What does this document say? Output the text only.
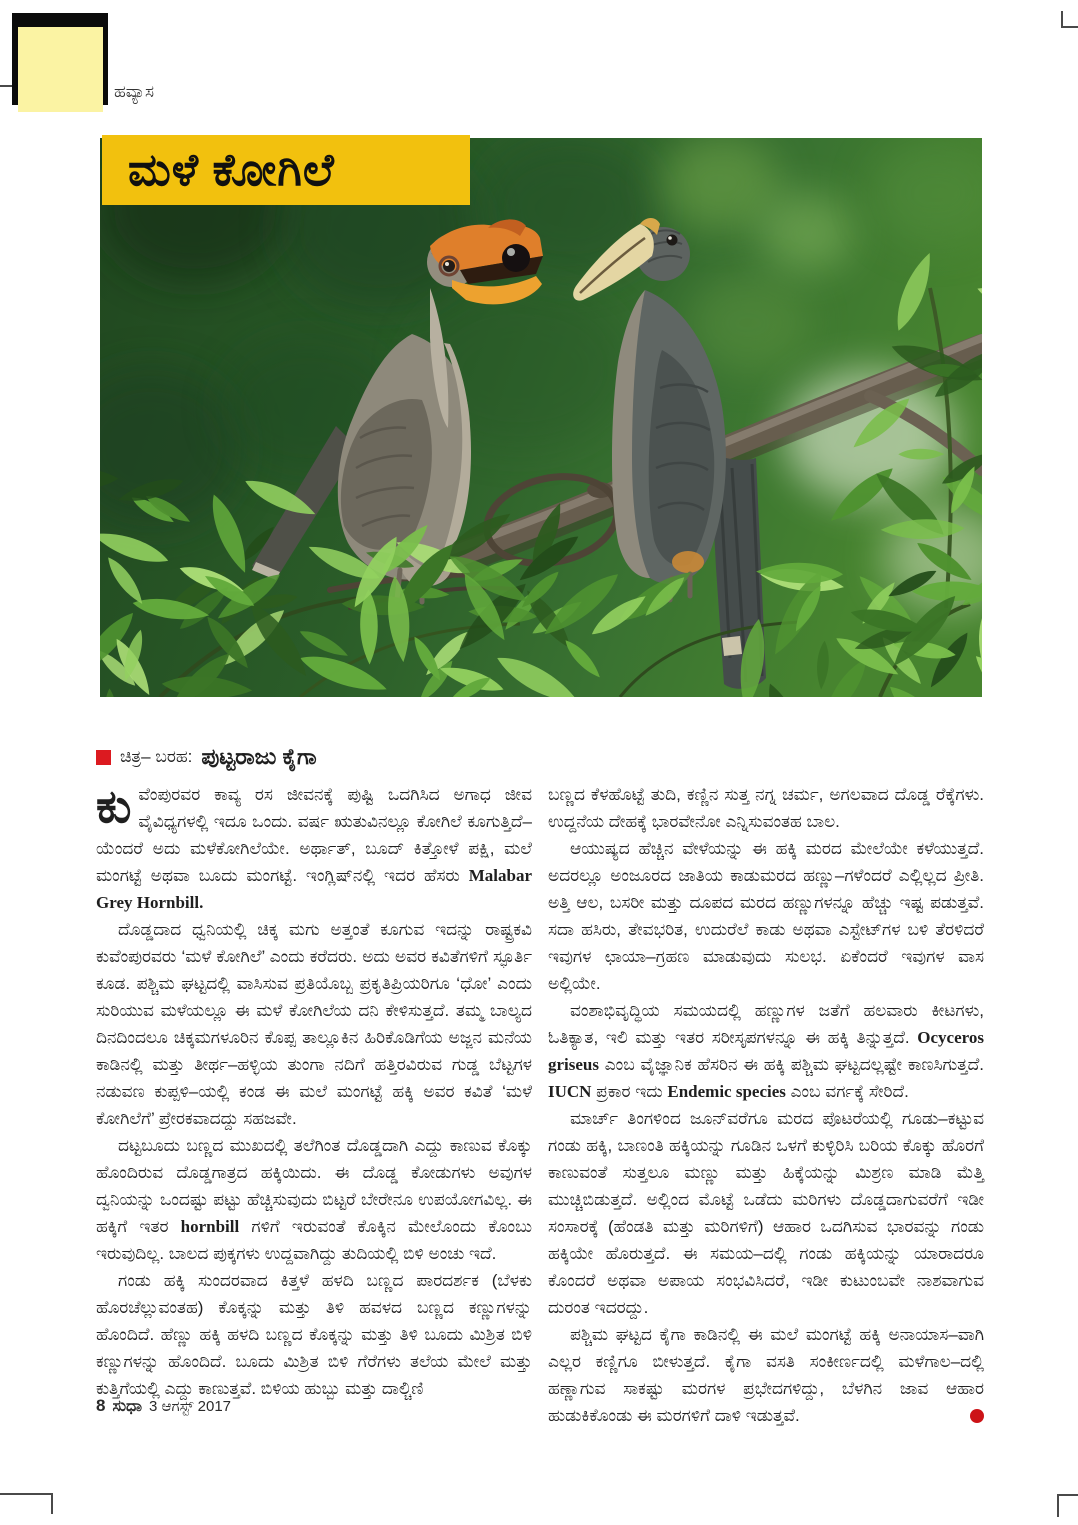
ಹವ್ಯಾಸ
ಮಳೆ ಕೋಗಿಲೆ
ಚಿತ್ರ– ಬರಹ: ಪುಟ್ಟರಾಜು ಕೈಗಾ

ಕುವೆಂಪುರವರ ಕಾವ್ಯ ರಸ ಜೀವನಕ್ಕೆ ಪುಷ್ಟಿ ಒದಗಿಸಿದ ಅಗಾಧ ಜೀವ ವೈವಿಧ್ಯಗಳಲ್ಲಿ ಇದೂ ಒಂದು. ವರ್ಷ ಋತುವಿನಲ್ಲೂ ಕೋಗಿಲೆ ಕೂಗುತ್ತಿದೆ–ಯೆಂದರೆ ಅದು ಮಳೆಕೋಗಿಲೆಯೇ. ಅರ್ಥಾತ್, ಬೂದ್ ಕಿತ್ತೋಳೆ ಪಕ್ಷಿ, ಮಲೆ ಮಂಗಟ್ಟೆ ಅಥವಾ ಬೂದು ಮಂಗಟ್ಟೆ. ಇಂಗ್ಲಿಷ್‌ನಲ್ಲಿ ಇದರ ಹೆಸರು Malabar Grey Hornbill.

ದೊಡ್ಡದಾದ ಧ್ವನಿಯಲ್ಲಿ ಚಿಕ್ಕ ಮಗು ಅತ್ತಂತೆ ಕೂಗುವ ಇದನ್ನು ರಾಷ್ಟ್ರಕವಿ ಕುವೆಂಪುರವರು ‘ಮಳೆ ಕೋಗಿಲೆ’ ಎಂದು ಕರೆದರು. ಅದು ಅವರ ಕವಿತೆಗಳಿಗೆ ಸ್ಫೂರ್ತಿ ಕೂಡ. ಪಶ್ಚಿಮ ಘಟ್ಟದಲ್ಲಿ ವಾಸಿಸುವ ಪ್ರತಿಯೊಬ್ಬ ಪ್ರಕೃತಿಪ್ರಿಯರಿಗೂ ‘ಧೋ’ ಎಂದು ಸುರಿಯುವ ಮಳೆಯಲ್ಲೂ ಈ ಮಳೆ ಕೋಗಿಲೆಯ ದನಿ ಕೇಳಿಸುತ್ತದೆ. ತಮ್ಮ ಬಾಲ್ಯದ ದಿನದಿಂದಲೂ ಚಿಕ್ಕಮಗಳೂರಿನ ಕೊಪ್ಪ ತಾಲ್ಲೂಕಿನ ಹಿರಿಕೊಡಿಗೆಯ ಅಜ್ಜನ ಮನೆಯ ಕಾಡಿನಲ್ಲಿ ಮತ್ತು ತೀರ್ಥ–ಹಳ್ಳಿಯ ತುಂಗಾ ನದಿಗೆ ಹತ್ತಿರವಿರುವ ಗುಡ್ಡ ಬೆಟ್ಟಗಳ ನಡುವಣ ಕುಪ್ಪಳಿ–ಯಲ್ಲಿ ಕಂಡ ಈ ಮಲೆ ಮಂಗಟ್ಟೆ ಹಕ್ಕಿ ಅವರ ಕವಿತೆ ‘ಮಳೆ ಕೋಗಿಲೆಗೆ’ ಪ್ರೇರಕವಾದದ್ದು ಸಹಜವೇ.

ದಟ್ಟಬೂದು ಬಣ್ಣದ ಮುಖದಲ್ಲಿ ತಲೆಗಿಂತ ದೊಡ್ಡದಾಗಿ ಎದ್ದು ಕಾಣುವ ಕೊಕ್ಕು ಹೊಂದಿರುವ ದೊಡ್ಡಗಾತ್ರದ ಹಕ್ಕಿಯಿದು. ಈ ದೊಡ್ಡ ಕೋಡುಗಳು ಅವುಗಳ ದ್ವನಿಯನ್ನು ಒಂದಷ್ಟು ಪಟ್ಟು ಹೆಚ್ಚಿಸುವುದು ಬಿಟ್ಟರೆ ಬೇರೇನೂ ಉಪಯೋಗವಿಲ್ಲ. ಈ ಹಕ್ಕಿಗೆ ಇತರ hornbill ಗಳಿಗೆ ಇರುವಂತೆ ಕೊಕ್ಕಿನ ಮೇಲೊಂದು ಕೊಂಬು ಇರುವುದಿಲ್ಲ. ಬಾಲದ ಪುಕ್ಕಗಳು ಉದ್ದವಾಗಿದ್ದು ತುದಿಯಲ್ಲಿ ಬಿಳಿ ಅಂಚು ಇದೆ.

ಗಂಡು ಹಕ್ಕಿ ಸುಂದರವಾದ ಕಿತ್ತಳೆ ಹಳದಿ ಬಣ್ಣದ ಪಾರದರ್ಶಕ (ಬೆಳಕು ಹೊರಚೆಲ್ಲುವಂತಹ) ಕೊಕ್ಕನ್ನು ಮತ್ತು ತಿಳಿ ಹವಳದ ಬಣ್ಣದ ಕಣ್ಣುಗಳನ್ನು ಹೊಂದಿದೆ. ಹೆಣ್ಣು ಹಕ್ಕಿ ಹಳದಿ ಬಣ್ಣದ ಕೊಕ್ಕನ್ನು ಮತ್ತು ತಿಳಿ ಬೂದು ಮಿಶ್ರಿತ ಬಿಳಿ ಕಣ್ಣುಗಳನ್ನು ಹೊಂದಿದೆ. ಬೂದು ಮಿಶ್ರಿತ ಬಿಳಿ ಗೆರೆಗಳು ತಲೆಯ ಮೇಲೆ ಮತ್ತು ಕುತ್ತಿಗೆಯಲ್ಲಿ ಎದ್ದು ಕಾಣುತ್ತವೆ. ಬಿಳಿಯ ಹುಬ್ಬು ಮತ್ತು ದಾಲ್ಚಿಣಿ

ಬಣ್ಣದ ಕೆಳಹೊಟ್ಟೆ ತುದಿ, ಕಣ್ಣಿನ ಸುತ್ತ ನಗ್ನ ಚರ್ಮ, ಅಗಲವಾದ ದೊಡ್ಡ ರೆಕ್ಕೆಗಳು. ಉದ್ದನೆಯ ದೇಹಕ್ಕೆ ಭಾರವೇನೋ ಎನ್ನಿಸುವಂತಹ ಬಾಲ.

ಆಯುಷ್ಯದ ಹೆಚ್ಚಿನ ವೇಳೆಯನ್ನು ಈ ಹಕ್ಕಿ ಮರದ ಮೇಲೆಯೇ ಕಳೆಯುತ್ತದೆ. ಅದರಲ್ಲೂ ಅಂಜೂರದ ಜಾತಿಯ ಕಾಡುಮರದ ಹಣ್ಣು–ಗಳೆಂದರೆ ಎಲ್ಲಿಲ್ಲದ ಪ್ರೀತಿ. ಅತ್ತಿ ಆಲ, ಬಸರೀ ಮತ್ತು ದೂಪದ ಮರದ ಹಣ್ಣುಗಳನ್ನೂ ಹೆಚ್ಚು ಇಷ್ಟ ಪಡುತ್ತವೆ. ಸದಾ ಹಸಿರು, ತೇವಭರಿತ, ಉದುರೆಲೆ ಕಾಡು ಅಥವಾ ಎಸ್ಟೇಟ್‌ಗಳ ಬಳಿ ತೆರಳಿದರೆ ಇವುಗಳ ಛಾಯಾ–ಗ್ರಹಣ ಮಾಡುವುದು ಸುಲಭ. ಏಕೆಂದರೆ ಇವುಗಳ ವಾಸ ಅಲ್ಲಿಯೇ.

ವಂಶಾಭಿವೃದ್ಧಿಯ ಸಮಯದಲ್ಲಿ ಹಣ್ಣುಗಳ ಜತೆಗೆ ಹಲವಾರು ಕೀಟಗಳು, ಓತಿಕ್ಯಾತ, ಇಲಿ ಮತ್ತು ಇತರ ಸರೀಸೃಪಗಳನ್ನೂ ಈ ಹಕ್ಕಿ ತಿನ್ನುತ್ತದೆ. Ocyceros griseus ಎಂಬ ವೈಜ್ಞಾನಿಕ ಹೆಸರಿನ ಈ ಹಕ್ಕಿ ಪಶ್ಚಿಮ ಘಟ್ಟದಲ್ಲಷ್ಟೇ ಕಾಣಸಿಗುತ್ತದೆ. IUCN ಪ್ರಕಾರ ಇದು Endemic species ಎಂಬ ವರ್ಗಕ್ಕೆ ಸೇರಿದೆ.

ಮಾರ್ಚ್ ತಿಂಗಳಿಂದ ಜೂನ್‌ವರೆಗೂ ಮರದ ಪೊಟರೆಯಲ್ಲಿ ಗೂಡು–ಕಟ್ಟುವ ಗಂಡು ಹಕ್ಕಿ, ಬಾಣಂತಿ ಹಕ್ಕಿಯನ್ನು ಗೂಡಿನ ಒಳಗೆ ಕುಳ್ಳಿರಿಸಿ ಬರಿಯ ಕೊಕ್ಕು ಹೊರಗೆ ಕಾಣುವಂತೆ ಸುತ್ತಲೂ ಮಣ್ಣು ಮತ್ತು ಹಿಕ್ಕೆಯನ್ನು ಮಿಶ್ರಣ ಮಾಡಿ ಮೆತ್ತಿ ಮುಚ್ಚಿಬಿಡುತ್ತದೆ. ಅಲ್ಲಿಂದ ಮೊಟ್ಟೆ ಒಡೆದು ಮರಿಗಳು ದೊಡ್ಡದಾಗುವರೆಗೆ ಇಡೀ ಸಂಸಾರಕ್ಕೆ (ಹೆಂಡತಿ ಮತ್ತು ಮರಿಗಳಿಗೆ) ಆಹಾರ ಒದಗಿಸುವ ಭಾರವನ್ನು ಗಂಡು ಹಕ್ಕಿಯೇ ಹೊರುತ್ತದೆ. ಈ ಸಮಯ–ದಲ್ಲಿ ಗಂಡು ಹಕ್ಕಿಯನ್ನು ಯಾರಾದರೂ ಕೊಂದರೆ ಅಥವಾ ಅಪಾಯ ಸಂಭವಿಸಿದರೆ, ಇಡೀ ಕುಟುಂಬವೇ ನಾಶವಾಗುವ ದುರಂತ ಇದರದ್ದು.

ಪಶ್ಚಿಮ ಘಟ್ಟದ ಕೈಗಾ ಕಾಡಿನಲ್ಲಿ ಈ ಮಲೆ ಮಂಗಟ್ಟೆ ಹಕ್ಕಿ ಅನಾಯಾಸ–ವಾಗಿ ಎಲ್ಲರ ಕಣ್ಣಿಗೂ ಬೀಳುತ್ತದೆ. ಕೈಗಾ ವಸತಿ ಸಂಕೀರ್ಣದಲ್ಲಿ ಮಳೆಗಾಲ–ದಲ್ಲಿ ಹಣ್ಣಾಗುವ ಸಾಕಷ್ಟು ಮರಗಳ ಪ್ರಭೇದಗಳಿದ್ದು, ಬೆಳಗಿನ ಜಾವ ಆಹಾರ ಹುಡುಕಿಕೊಂಡು ಈ ಮರಗಳಿಗೆ ದಾಳಿ ಇಡುತ್ತವೆ.

8 ಸುಧಾ 3 ಆಗಸ್ಟ್ 2017
